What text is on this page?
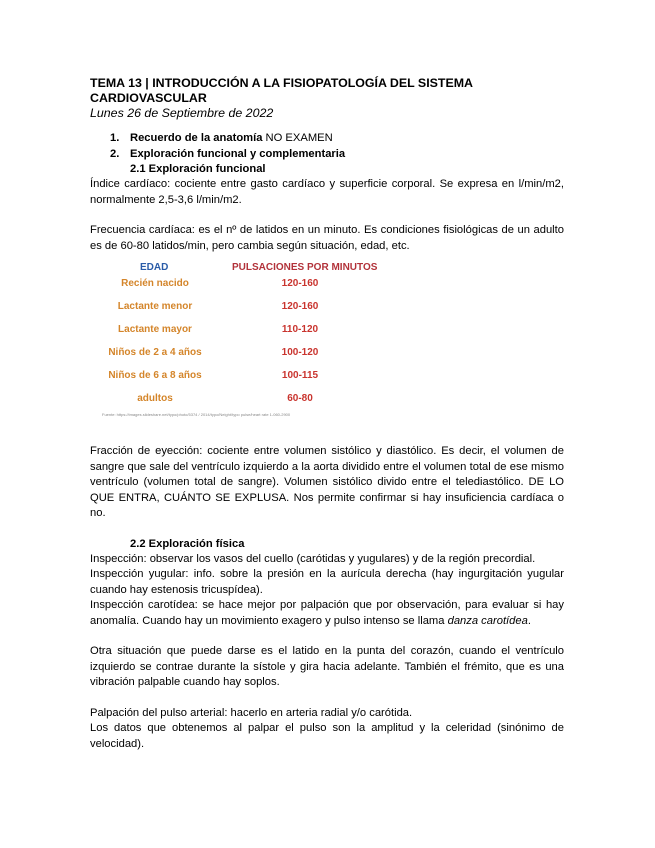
TEMA 13 | INTRODUCCIÓN A LA FISIOPATOLOGÍA DEL SISTEMA CARDIOVASCULAR

Lunes 26 de Septiembre de 2022

1. Recuerdo de la anatomía NO EXAMEN
2. Exploración funcional y complementaria

2.1 Exploración funcional

Índice cardíaco: cociente entre gasto cardíaco y superficie corporal. Se expresa en l/min/m2, normalmente 2,5-3,6 l/min/m2.

Frecuencia cardíaca: es el nº de latidos en un minuto. Es condiciones fisiológicas de un adulto es de 60-80 latidos/min, pero cambia según situación, edad, etc.

EDAD	PULSACIONES POR MINUTOS
Recién nacido	120-160
Lactante menor	120-160
Lactante mayor	110-120
Niños de 2 a 4 años	100-120
Niños de 6 a 8 años	100-115
adultos	60-80
Fuente: https://images.slideshare.net/typo/photo/5374 / 2014/typo/Neight/typo pulse/heart rate 1-060-2900

Fracción de eyección: cociente entre volumen sistólico y diastólico. Es decir, el volumen de sangre que sale del ventrículo izquierdo a la aorta dividido entre el volumen total de ese mismo ventrículo (volumen total de sangre). Volumen sistólico divido entre el telediastólico. DE LO QUE ENTRA, CUÁNTO SE EXPLUSA. Nos permite confirmar si hay insuficiencia cardíaca o no.

2.2 Exploración física

Inspección: observar los vasos del cuello (carótidas y yugulares) y de la región precordial.

Inspección yugular: info. sobre la presión en la aurícula derecha (hay ingurgitación yugular cuando hay estenosis tricuspídea).

Inspección carotídea: se hace mejor por palpación que por observación, para evaluar si hay anomalía. Cuando hay un movimiento exagero y pulso intenso se llama danza carotídea.

Otra situación que puede darse es el latido en la punta del corazón, cuando el ventrículo izquierdo se contrae durante la sístole y gira hacia adelante. También el frémito, que es una vibración palpable cuando hay soplos.

Palpación del pulso arterial: hacerlo en arteria radial y/o carótida.

Los datos que obtenemos al palpar el pulso son la amplitud y la celeridad (sinónimo de velocidad).
